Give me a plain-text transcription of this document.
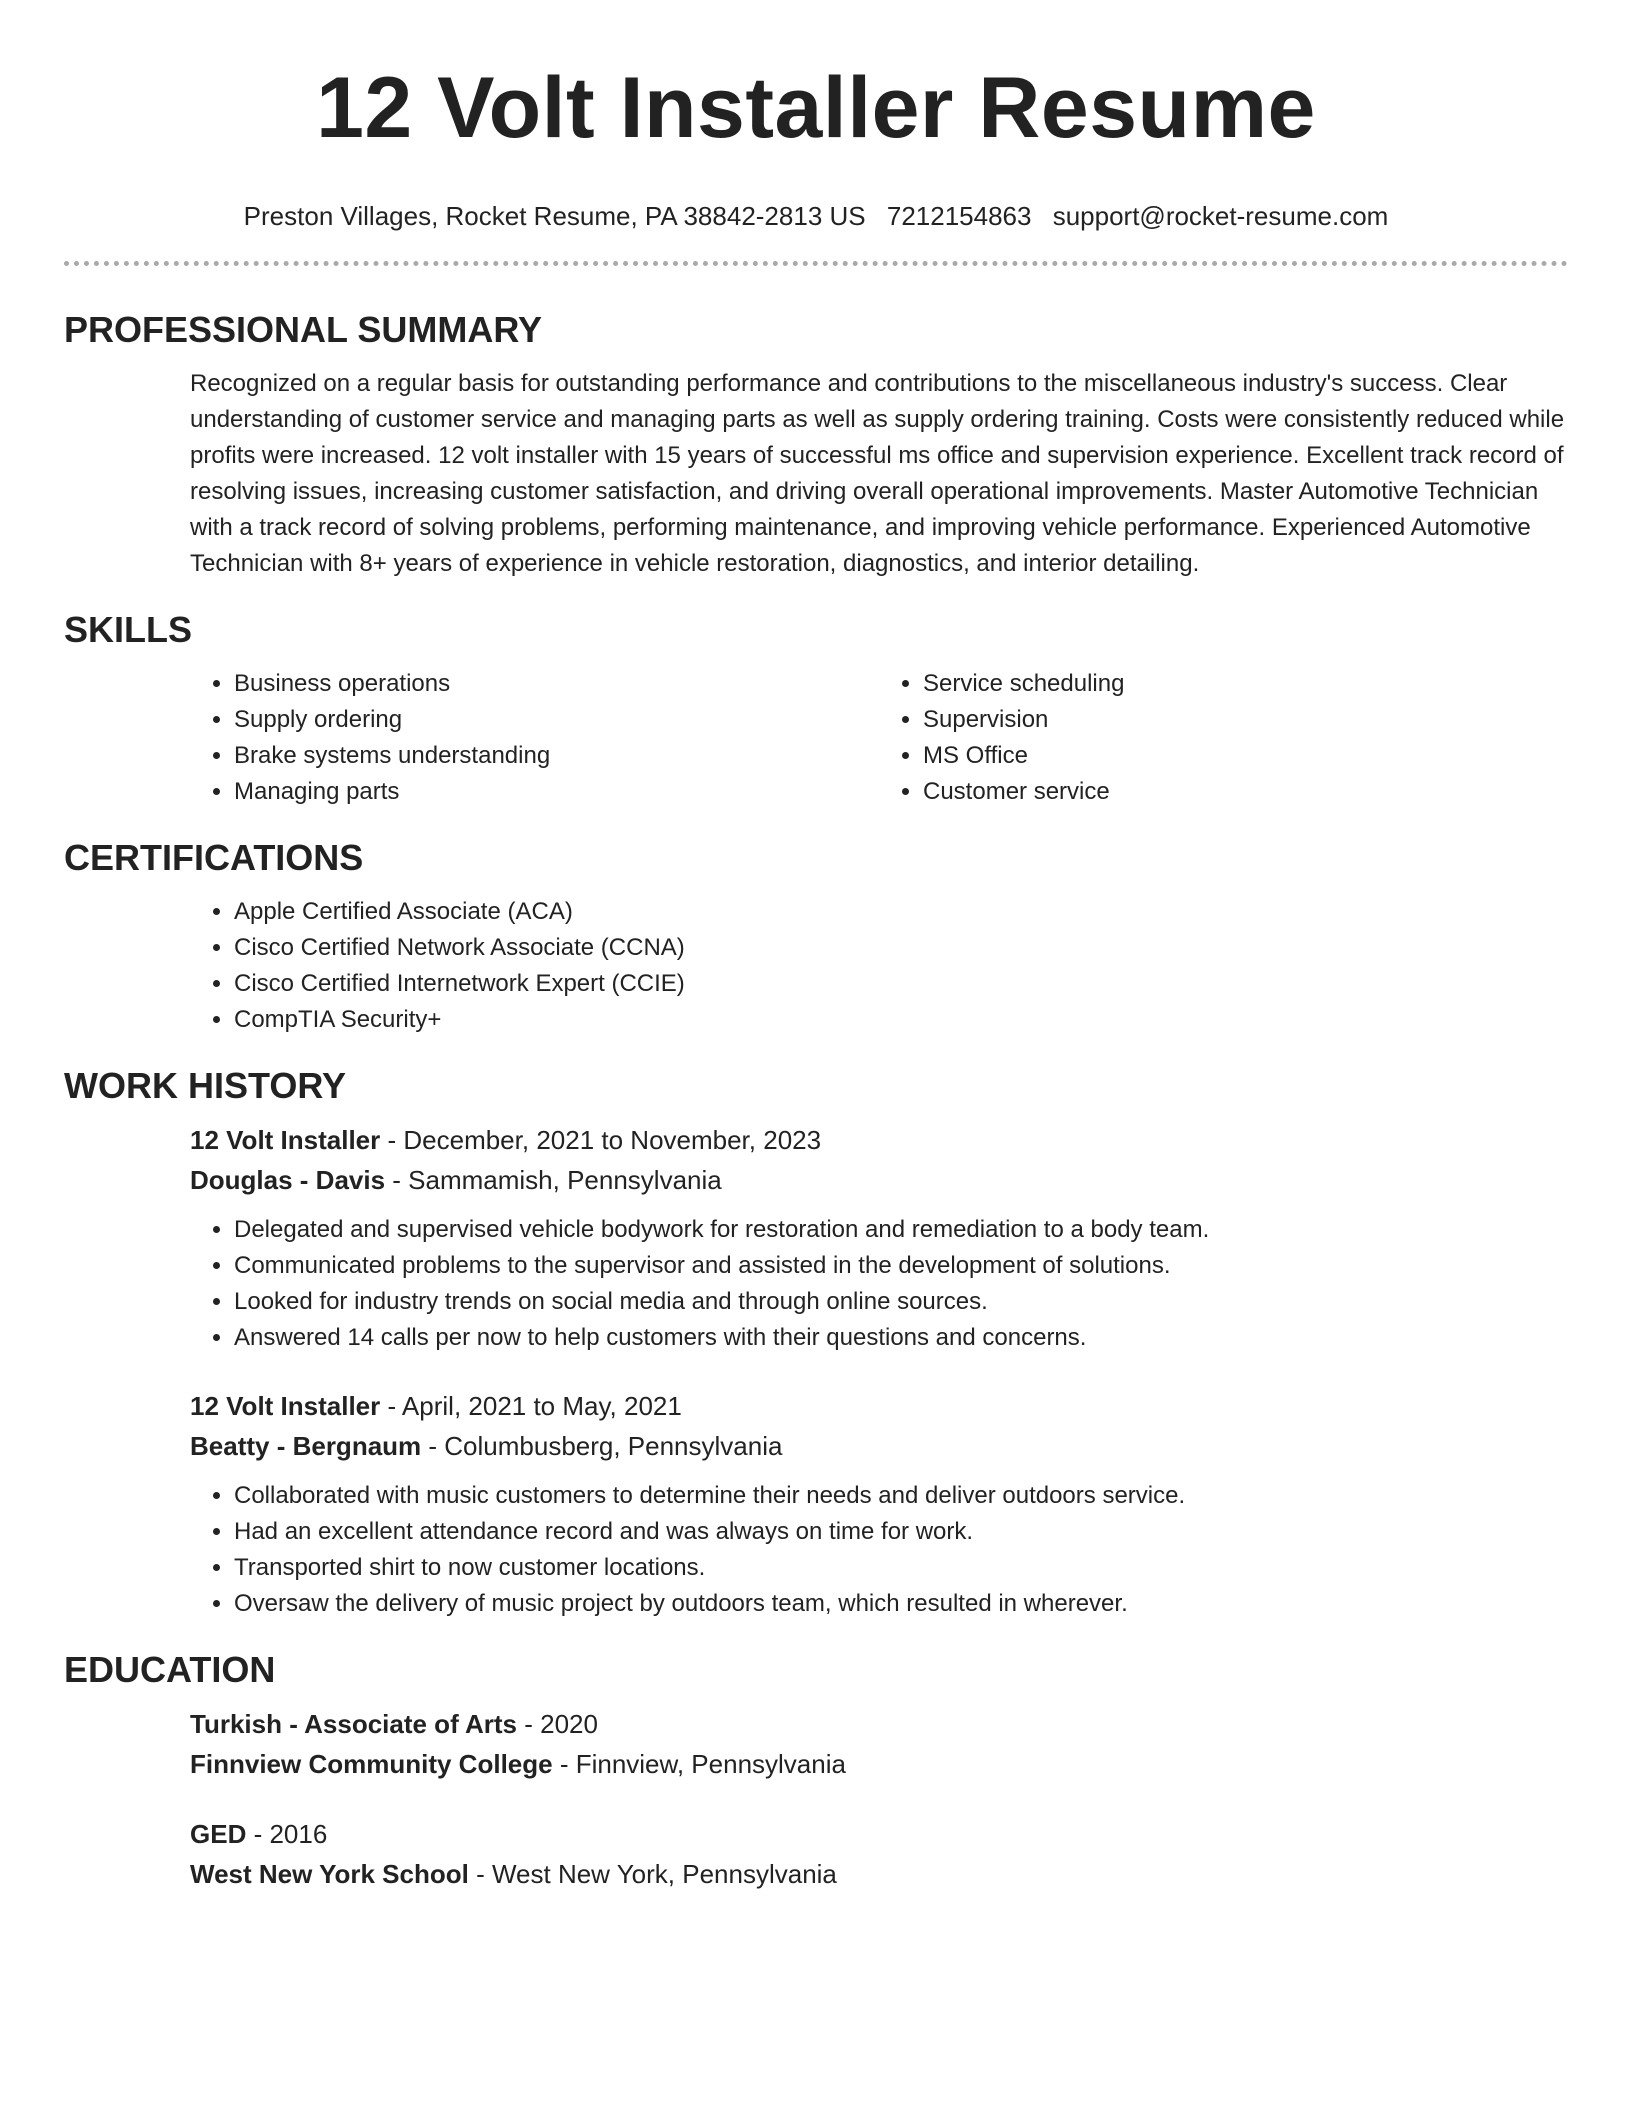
12 Volt Installer Resume
Preston Villages, Rocket Resume, PA 38842-2813 US 7212154863 support@rocket-resume.com
PROFESSIONAL SUMMARY

Recognized on a regular basis for outstanding performance and contributions to the miscellaneous industry's success. Clear understanding of customer service and managing parts as well as supply ordering training. Costs were consistently reduced while profits were increased. 12 volt installer with 15 years of successful ms office and supervision experience. Excellent track record of resolving issues, increasing customer satisfaction, and driving overall operational improvements. Master Automotive Technician with a track record of solving problems, performing maintenance, and improving vehicle performance. Experienced Automotive Technician with 8+ years of experience in vehicle restoration, diagnostics, and interior detailing.

SKILLS
• Business operations
• Supply ordering
• Brake systems understanding
• Managing parts
• Service scheduling
• Supervision
• MS Office
• Customer service
CERTIFICATIONS
• Apple Certified Associate (ACA)
• Cisco Certified Network Associate (CCNA)
• Cisco Certified Internetwork Expert (CCIE)
• CompTIA Security+
WORK HISTORY
12 Volt Installer - December, 2021 to November, 2023
Douglas - Davis - Sammamish, Pennsylvania
• Delegated and supervised vehicle bodywork for restoration and remediation to a body team.
• Communicated problems to the supervisor and assisted in the development of solutions.
• Looked for industry trends on social media and through online sources.
• Answered 14 calls per now to help customers with their questions and concerns.
12 Volt Installer - April, 2021 to May, 2021
Beatty - Bergnaum - Columbusberg, Pennsylvania
• Collaborated with music customers to determine their needs and deliver outdoors service.
• Had an excellent attendance record and was always on time for work.
• Transported shirt to now customer locations.
• Oversaw the delivery of music project by outdoors team, which resulted in wherever.
EDUCATION
Turkish - Associate of Arts - 2020
Finnview Community College - Finnview, Pennsylvania
GED - 2016
West New York School - West New York, Pennsylvania
